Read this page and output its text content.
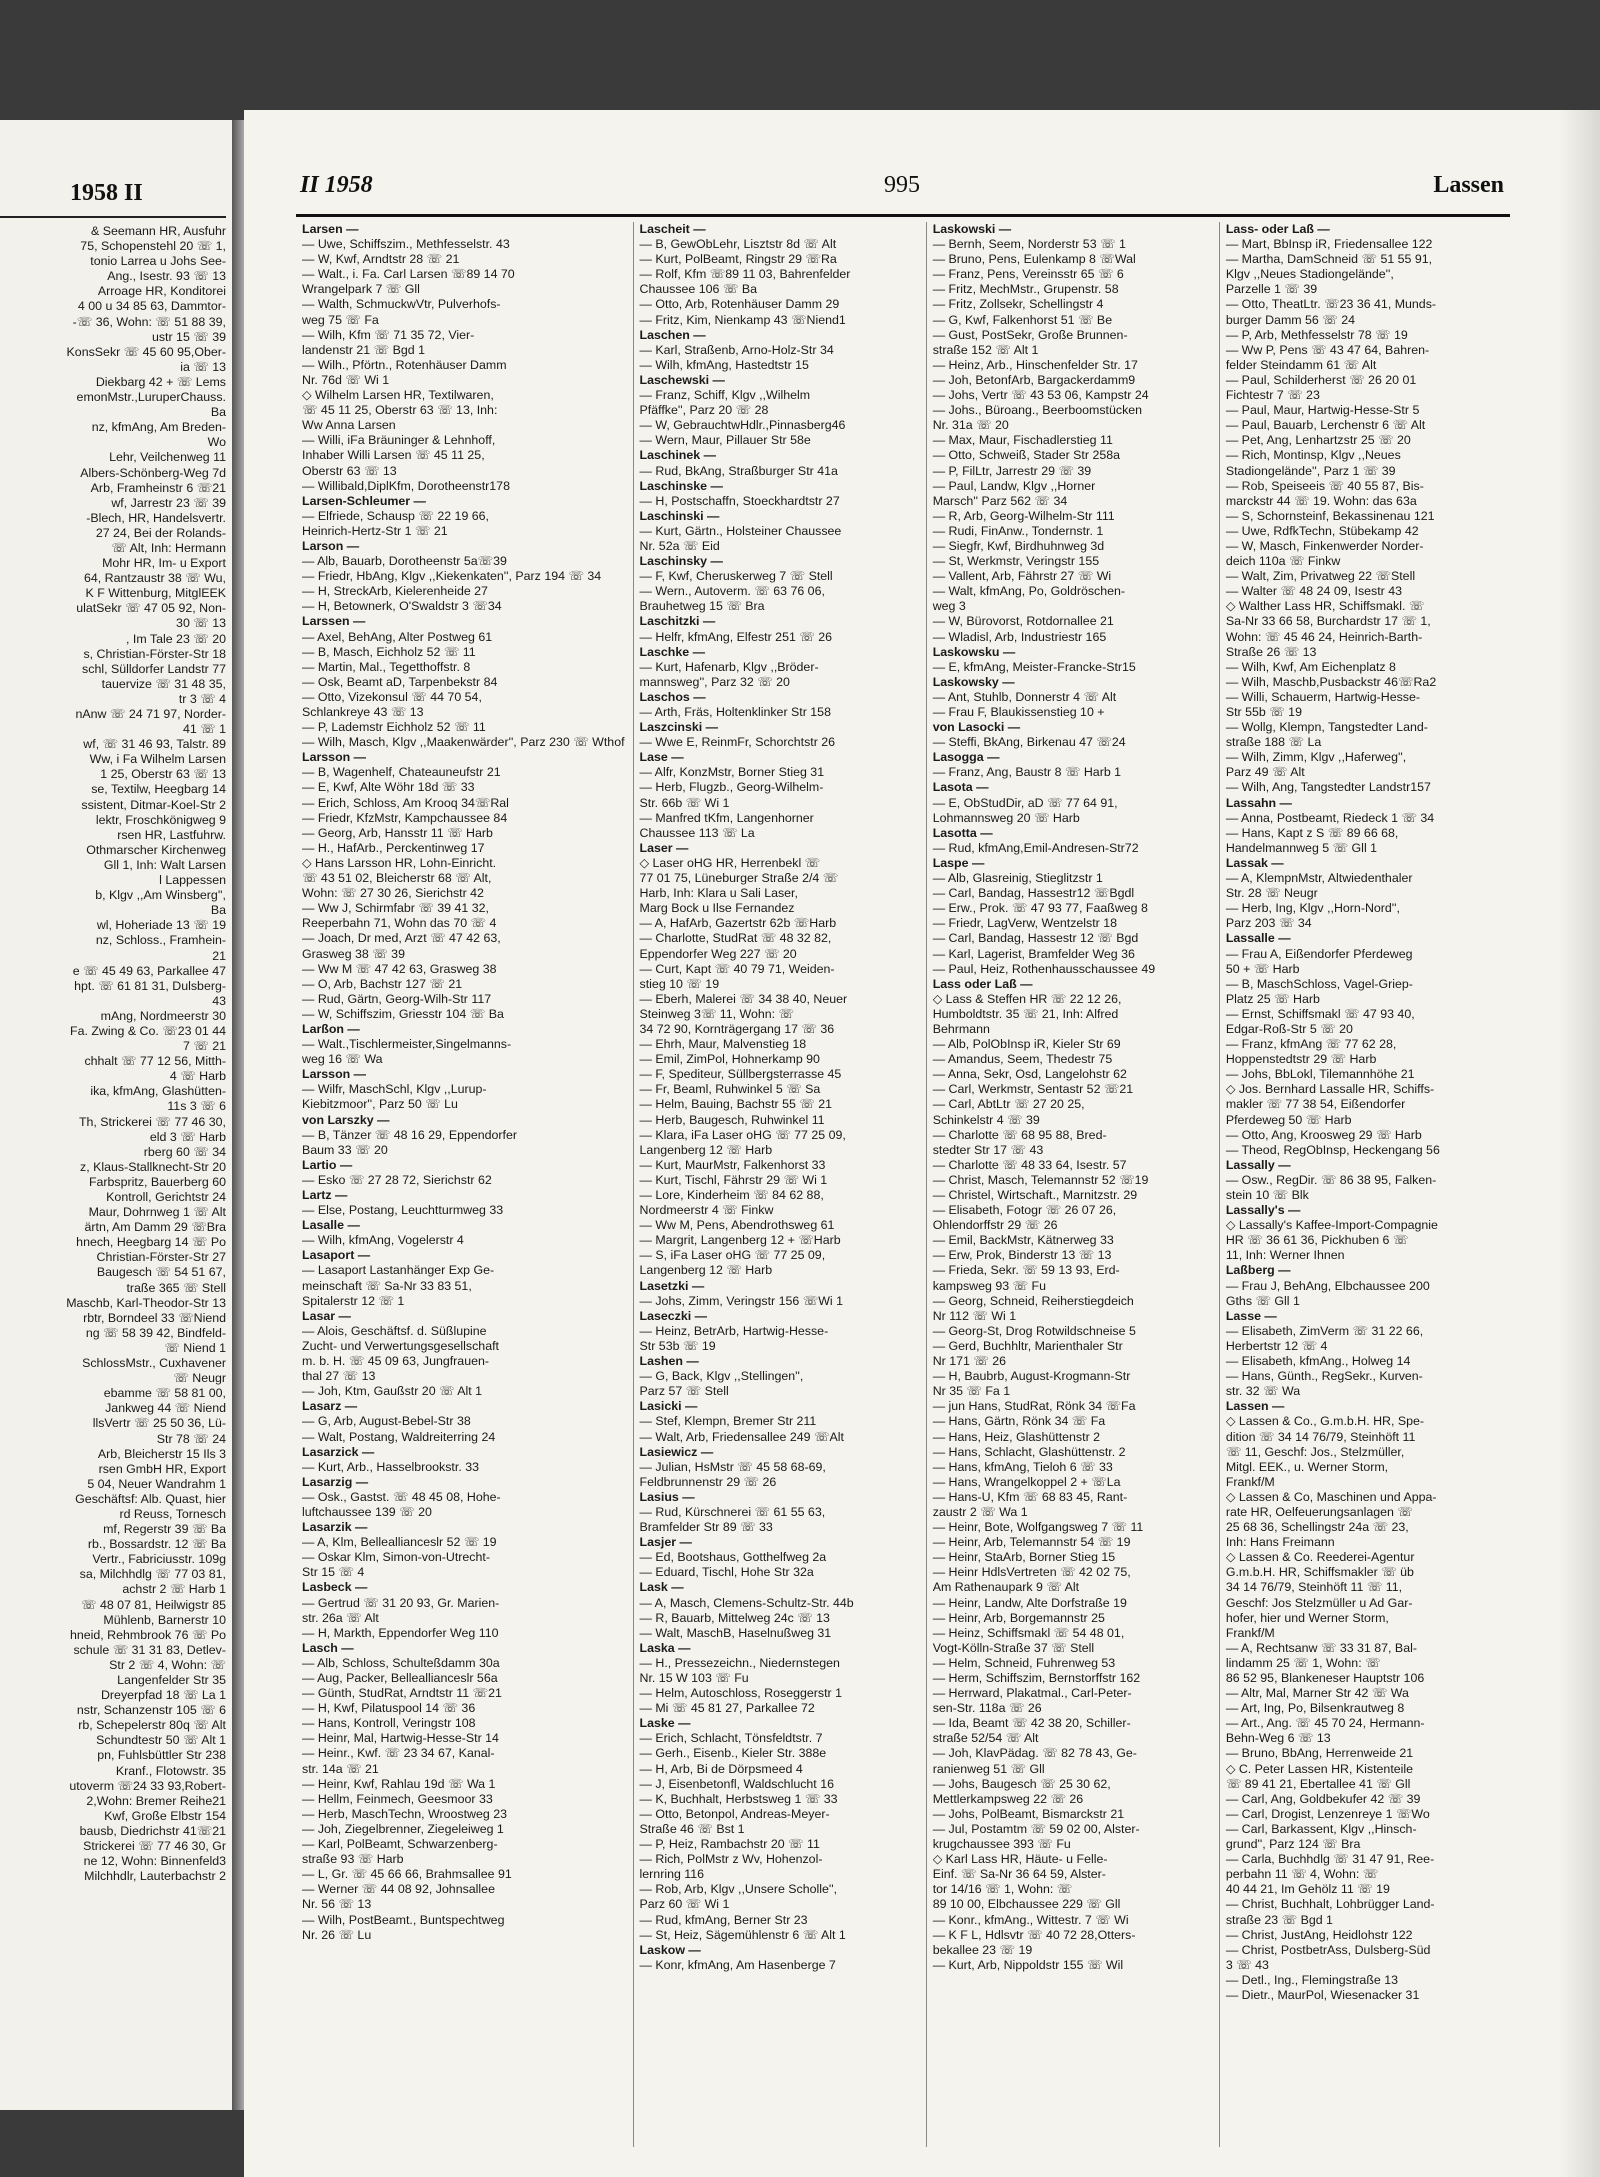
1958 II
& Seemann HR, Ausfuhr
75, Schopenstehl 20 ☏ 1,
tonio Larrea u Johs See-
Ang., Isestr. 93 ☏ 13
Arroage HR, Konditorei
4 00 u 34 85 63, Dammtor-
-☏ 36, Wohn: ☏ 51 88 39,
ustr 15 ☏ 39
KonsSekr ☏ 45 60 95,Ober-
ia ☏ 13
Diekbarg 42 + ☏ Lems
emonMstr.,LuruperChauss.
Ba
nz, kfmAng, Am Breden-
Wo
Lehr, Veilchenweg 11
Albers-Schönberg-Weg 7d
Arb, Framheinstr 6 ☏21
wf, Jarrestr 23 ☏ 39
-Blech, HR, Handelsvertr.
27 24, Bei der Rolands-
☏ Alt, Inh: Hermann
Mohr HR, Im- u Export
64, Rantzaustr 38 ☏ Wu,
K F Wittenburg, MitglEEK
ulatSekr ☏ 47 05 92, Non-
30 ☏ 13
, Im Tale 23 ☏ 20
s, Christian-Förster-Str 18
schl, Sülldorfer Landstr 77
tauervize ☏ 31 48 35,
tr 3 ☏ 4
nAnw ☏ 24 71 97, Norder-
41 ☏ 1
wf, ☏ 31 46 93, Talstr. 89
Ww, i Fa Wilhelm Larsen
1 25, Oberstr 63 ☏ 13
se, Textilw, Heegbarg 14
ssistent, Ditmar-Koel-Str 2
lektr, Froschkönigweg 9
rsen HR, Lastfuhrw.
Othmarscher Kirchenweg
Gll 1, Inh: Walt Larsen
l Lappessen
b, Klgv ,,Am Winsberg'',
Ba
wl, Hoheriade 13 ☏ 19
nz, Schloss., Framhein-
21
e ☏ 45 49 63, Parkallee 47
hpt. ☏ 61 81 31, Dulsberg-
43
mAng, Nordmeerstr 30
Fa. Zwing & Co. ☏23 01 44
7 ☏ 21
chhalt ☏ 77 12 56, Mitth-
4 ☏ Harb
ika, kfmAng, Glashütten-
11s 3 ☏ 6
Th, Strickerei ☏ 77 46 30,
eld 3 ☏ Harb
rberg 60 ☏ 34
z, Klaus-Stallknecht-Str 20
Farbspritz, Bauerberg 60
Kontroll, Gerichtstr 24
Maur, Dohrnweg 1 ☏ Alt
ärtn, Am Damm 29 ☏Bra
hnech, Heegbarg 14 ☏ Po
Christian-Förster-Str 27
Baugesch ☏ 54 51 67,
traße 365 ☏ Stell
Maschb, Karl-Theodor-Str 13
rbtr, Borndeel 33 ☏Niend
ng ☏ 58 39 42, Bindfeld-
☏ Niend 1
SchlossMstr., Cuxhavener
☏ Neugr
ebamme ☏ 58 81 00,
Jankweg 44 ☏ Niend
llsVertr ☏ 25 50 36, Lü-
Str 78 ☏ 24
Arb, Bleicherstr 15 Ils 3
rsen GmbH HR, Export
5 04, Neuer Wandrahm 1
Geschäftsf: Alb. Quast, hier
rd Reuss, Tornesch
mf, Regerstr 39 ☏ Ba
rb., Bossardstr. 12 ☏ Ba
Vertr., Fabriciusstr. 109g
sa, Milchhdlg ☏ 77 03 81,
achstr 2 ☏ Harb 1
☏ 48 07 81, Heilwigstr 85
Mühlenb, Barnerstr 10
hneid, Rehmbrook 76 ☏ Po
schule ☏ 31 31 83, Detlev-
Str 2 ☏ 4, Wohn: ☏
Langenfelder Str 35
Dreyerpfad 18 ☏ La 1
nstr, Schanzenstr 105 ☏ 6
rb, Schepelerstr 80q ☏ Alt
Schundtestr 50 ☏ Alt 1
pn, Fuhlsbüttler Str 238
Kranf., Flotowstr. 35
utoverm ☏24 33 93,Robert-
2,Wohn: Bremer Reihe21
Kwf, Große Elbstr 154
bausb, Diedrichstr 41☏21
Strickerei ☏ 77 46 30, Gr
ne 12, Wohn: Binnenfeld3
Milchhdlr, Lauterbachstr 2
II 1958	995	Lassen
Larsen —
— Uwe, Schiffszim., Methfesselstr. 43
— W, Kwf, Arndtstr 28 ☏ 21
— Walt., i. Fa. Carl Larsen ☏89 14 70
Wrangelpark 7 ☏ Gll
— Walth, SchmuckwVtr, Pulverhofs-
weg 75 ☏ Fa
— Wilh, Kfm ☏ 71 35 72, Vier-
landenstr 21 ☏ Bgd 1
— Wilh., Pförtn., Rotenhäuser Damm
Nr. 76d ☏ Wi 1
◇ Wilhelm Larsen HR, Textilwaren,
☏ 45 11 25, Oberstr 63 ☏ 13, Inh:
Ww Anna Larsen
— Willi, iFa Bräuninger & Lehnhoff,
Inhaber Willi Larsen ☏ 45 11 25,
Oberstr 63 ☏ 13
— Willibald,DiplKfm, Dorotheenstr178
Larsen-Schleumer —
— Elfriede, Schausp ☏ 22 19 66,
Heinrich-Hertz-Str 1 ☏ 21
Larson —
— Alb, Bauarb, Dorotheenstr 5a☏39
— Friedr, HbAng, Klgv ,,Kiekenkaten'', Parz 194 ☏ 34
— H, StreckArb, Kielerenheide 27
— H, Betownerk, O'Swaldstr 3 ☏34
Larssen —
— Axel, BehAng, Alter Postweg 61
— B, Masch, Eichholz 52 ☏ 11
— Martin, Mal., Tegetthoffstr. 8
— Osk, Beamt aD, Tarpenbekstr 84
— Otto, Vizekonsul ☏ 44 70 54,
Schlankreye 43 ☏ 13
— P, Lademstr Eichholz 52 ☏ 11
— Wilh, Masch, Klgv ,,Maakenwärder'', Parz 230 ☏ Wthof
Larsson —
— B, Wagenhelf, Chateauneufstr 21
— E, Kwf, Alte Wöhr 18d ☏ 33
— Erich, Schloss, Am Krooq 34☏Ral
— Friedr, KfzMstr, Kampchaussee 84
— Georg, Arb, Hansstr 11 ☏ Harb
— H., HafArb., Perckentinweg 17
◇ Hans Larsson HR, Lohn-Einricht.
☏ 43 51 02, Bleicherstr 68 ☏ Alt,
Wohn: ☏ 27 30 26, Sierichstr 42
— Ww J, Schirmfabr ☏ 39 41 32,
Reeperbahn 71, Wohn das 70 ☏ 4
— Joach, Dr med, Arzt ☏ 47 42 63,
Grasweg 38 ☏ 39
— Ww M ☏ 47 42 63, Grasweg 38
— O, Arb, Bachstr 127 ☏ 21
— Rud, Gärtn, Georg-Wilh-Str 117
— W, Schiffszim, Griesstr 104 ☏ Ba
Larßon —
— Walt.,Tischlermeister,Singelmanns-
weg 16 ☏ Wa
Larsson —
— Wilfr, MaschSchl, Klgv ,,Lurup-
Kiebitzmoor'', Parz 50 ☏ Lu
von Larszky —
— B, Tänzer ☏ 48 16 29, Eppendorfer
Baum 33 ☏ 20
Lartio —
— Esko ☏ 27 28 72, Sierichstr 62
Lartz —
— Else, Postang, Leuchtturmweg 33
Lasalle —
— Wilh, kfmAng, Vogelerstr 4
Lasaport —
— Lasaport Lastanhänger Exp Ge-
meinschaft ☏ Sa-Nr 33 83 51,
Spitalerstr 12 ☏ 1
Lasar —
— Alois, Geschäftsf. d. Süßlupine
Zucht- und Verwertungsgesellschaft
m. b. H. ☏ 45 09 63, Jungfrauen-
thal 27 ☏ 13
— Joh, Ktm, Gaußstr 20 ☏ Alt 1
Lasarz —
— G, Arb, August-Bebel-Str 38
— Walt, Postang, Waldreiterring 24
Lasarzick —
— Kurt, Arb., Hasselbrookstr. 33
Lasarzig —
— Osk., Gastst. ☏ 48 45 08, Hohe-
luftchaussee 139 ☏ 20
Lasarzik —
— A, Klm, Belleallianceslr 52 ☏ 19
— Oskar Klm, Simon-von-Utrecht-
Str 15 ☏ 4
Lasbeck —
— Gertrud ☏ 31 20 93, Gr. Marien-
str. 26a ☏ Alt
— H, Markth, Eppendorfer Weg 110
Lasch —
— Alb, Schloss, Schulteßdamm 30a
— Aug, Packer, Belleallianceslr 56a
— Günth, StudRat, Arndtstr 11 ☏21
— H, Kwf, Pilatuspool 14 ☏ 36
— Hans, Kontroll, Veringstr 108
— Heinr, Mal, Hartwig-Hesse-Str 14
— Heinr., Kwf. ☏ 23 34 67, Kanal-
str. 14a ☏ 21
— Heinr, Kwf, Rahlau 19d ☏ Wa 1
— Hellm, Feinmech, Geesmoor 33
— Herb, MaschTechn, Wroostweg 23
— Joh, Ziegelbrenner, Ziegeleiweg 1
— Karl, PolBeamt, Schwarzenberg-
straße 93 ☏ Harb
— L, Gr. ☏ 45 66 66, Brahmsallee 91
— Werner ☏ 44 08 92, Johnsallee
Nr. 56 ☏ 13
— Wilh, PostBeamt., Buntspechtweg
Nr. 26 ☏ Lu
Lascheit —
— B, GewObLehr, Lisztstr 8d ☏ Alt
— Kurt, PolBeamt, Ringstr 29 ☏Ra
— Rolf, Kfm ☏89 11 03, Bahrenfelder
Chaussee 106 ☏ Ba
— Otto, Arb, Rotenhäuser Damm 29
— Fritz, Kim, Nienkamp 43 ☏Niend1
Laschen —
— Karl, Straßenb, Arno-Holz-Str 34
— Wilh, kfmAng, Hastedtstr 15
Laschewski —
— Franz, Schiff, Klgv ,,Wilhelm
Pfäffke'', Parz 20 ☏ 28
— W, GebrauchtwHdlr.,Pinnasberg46
— Wern, Maur, Pillauer Str 58e
Laschinek —
— Rud, BkAng, Straßburger Str 41a
Laschinske —
— H, Postschaffn, Stoeckhardtstr 27
Laschinski —
— Kurt, Gärtn., Holsteiner Chaussee
Nr. 52a ☏ Eid
Laschinsky —
— F, Kwf, Cheruskerweg 7 ☏ Stell
— Wern., Autoverm. ☏ 63 76 06,
Brauhetweg 15 ☏ Bra
Laschitzki —
— Helfr, kfmAng, Elfestr 251 ☏ 26
Laschke —
— Kurt, Hafenarb, Klgv ,,Bröder-
mannsweg'', Parz 32 ☏ 20
Laschos —
— Arth, Fräs, Holtenklinker Str 158
Laszcinski —
— Wwe E, ReinmFr, Schorchtstr 26
Lase —
— Alfr, KonzMstr, Borner Stieg 31
— Herb, Flugzb., Georg-Wilhelm-
Str. 66b ☏ Wi 1
— Manfred tKfm, Langenhorner
Chaussee 113 ☏ La
Laser —
◇ Laser oHG HR, Herrenbekl ☏
77 01 75, Lüneburger Straße 2/4 ☏
Harb, Inh: Klara u Sali Laser,
Marg Bock u Ilse Fernandez
— A, HafArb, Gazertstr 62b ☏Harb
— Charlotte, StudRat ☏ 48 32 82,
Eppendorfer Weg 227 ☏ 20
— Curt, Kapt ☏ 40 79 71, Weiden-
stieg 10 ☏ 19
— Eberh, Malerei ☏ 34 38 40, Neuer
Steinweg 3☏ 11, Wohn: ☏
34 72 90, Kornträgergang 17 ☏ 36
— Ehrh, Maur, Malvenstieg 18
— Emil, ZimPol, Hohnerkamp 90
— F, Spediteur, Süllbergsterrasse 45
— Fr, Beaml, Ruhwinkel 5 ☏ Sa
— Helm, Bauing, Bachstr 55 ☏ 21
— Herb, Baugesch, Ruhwinkel 11
— Klara, iFa Laser oHG ☏ 77 25 09,
Langenberg 12 ☏ Harb
— Kurt, MaurMstr, Falkenhorst 33
— Kurt, Tischl, Fährstr 29 ☏ Wi 1
— Lore, Kinderheim ☏ 84 62 88,
Nordmeerstr 4 ☏ Finkw
— Ww M, Pens, Abendrothsweg 61
— Margrit, Langenberg 12 + ☏Harb
— S, iFa Laser oHG ☏ 77 25 09,
Langenberg 12 ☏ Harb
Lasetzki —
— Johs, Zimm, Veringstr 156 ☏Wi 1
Laseczki —
— Heinz, BetrArb, Hartwig-Hesse-
Str 53b ☏ 19
Lashen —
— G, Back, Klgv ,,Stellingen'',
Parz 57 ☏ Stell
Lasicki —
— Stef, Klempn, Bremer Str 211
— Walt, Arb, Friedensallee 249 ☏Alt
Lasiewicz —
— Julian, HsMstr ☏ 45 58 68-69,
Feldbrunnenstr 29 ☏ 26
Lasius —
— Rud, Kürschnerei ☏ 61 55 63,
Bramfelder Str 89 ☏ 33
Lasjer —
— Ed, Bootshaus, Gotthelfweg 2a
— Eduard, Tischl, Hohe Str 32a
Lask —
— A, Masch, Clemens-Schultz-Str. 44b
— R, Bauarb, Mittelweg 24c ☏ 13
— Walt, MaschB, Haselnußweg 31
Laska —
— H., Pressezeichn., Niedernstegen
Nr. 15 W 103 ☏ Fu
— Helm, Autoschloss, Roseggerstr 1
— Mi ☏ 45 81 27, Parkallee 72
Laske —
— Erich, Schlacht, Tönsfeldtstr. 7
— Gerh., Eisenb., Kieler Str. 388e
— H, Arb, Bi de Dörpsmeed 4
— J, Eisenbetonfl, Waldschlucht 16
— K, Buchhalt, Herbstsweg 1 ☏ 33
— Otto, Betonpol, Andreas-Meyer-
Straße 46 ☏ Bst 1
— P, Heiz, Rambachstr 20 ☏ 11
— Rich, PolMstr z Wv, Hohenzol-
lernring 116
— Rob, Arb, Klgv ,,Unsere Scholle'',
Parz 60 ☏ Wi 1
— Rud, kfmAng, Berner Str 23
— St, Heiz, Sägemühlenstr 6 ☏ Alt 1
Laskow —
— Konr, kfmAng, Am Hasenberge 7
Laskowski —
— Bernh, Seem, Norderstr 53 ☏ 1
— Bruno, Pens, Eulenkamp 8 ☏Wal
— Franz, Pens, Vereinsstr 65 ☏ 6
— Fritz, MechMstr., Grupenstr. 58
— Fritz, Zollsekr, Schellingstr 4
— G, Kwf, Falkenhorst 51 ☏ Be
— Gust, PostSekr, Große Brunnen-
straße 152 ☏ Alt 1
— Heinz, Arb., Hinschenfelder Str. 17
— Joh, BetonfArb, Bargackerdamm9
— Johs, Vertr ☏ 43 53 06, Kampstr 24
— Johs., Büroang., Beerboomstücken
Nr. 31a ☏ 20
— Max, Maur, Fischadlerstieg 11
— Otto, Schweiß, Stader Str 258a
— P, FilLtr, Jarrestr 29 ☏ 39
— Paul, Landw, Klgv ,,Horner
Marsch'' Parz 562 ☏ 34
— R, Arb, Georg-Wilhelm-Str 111
— Rudi, FinAnw., Tondernstr. 1
— Siegfr, Kwf, Birdhuhnweg 3d
— St, Werkmstr, Veringstr 155
— Vallent, Arb, Fährstr 27 ☏ Wi
— Walt, kfmAng, Po, Goldröschen-
weg 3
— W, Bürovorst, Rotdornallee 21
— Wladisl, Arb, Industriestr 165
Laskowsku —
— E, kfmAng, Meister-Francke-Str15
Laskowsky —
— Ant, Stuhlb, Donnerstr 4 ☏ Alt
— Frau F, Blaukissenstieg 10 +
von Lasocki —
— Steffi, BkAng, Birkenau 47 ☏24
Lasogga —
— Franz, Ang, Baustr 8 ☏ Harb 1
Lasota —
— E, ObStudDir, aD ☏ 77 64 91,
Lohmannsweg 20 ☏ Harb
Lasotta —
— Rud, kfmAng,Emil-Andresen-Str72
Laspe —
— Alb, Glasreinig, Stieglitzstr 1
— Carl, Bandag, Hassestr12 ☏Bgdl
— Erw., Prok. ☏ 47 93 77, Faaßweg 8
— Friedr, LagVerw, Wentzelstr 18
— Carl, Bandag, Hassestr 12 ☏ Bgd
— Karl, Lagerist, Bramfelder Weg 36
— Paul, Heiz, Rothenhausschaussee 49
Lass oder Laß —
◇ Lass & Steffen HR ☏ 22 12 26,
Humboldtstr. 35 ☏ 21, Inh: Alfred
Behrmann
— Alb, PolObInsp iR, Kieler Str 69
— Amandus, Seem, Thedestr 75
— Anna, Sekr, Osd, Langelohstr 62
— Carl, Werkmstr, Sentastr 52 ☏21
— Carl, AbtLtr ☏ 27 20 25,
Schinkelstr 4 ☏ 39
— Charlotte ☏ 68 95 88, Bred-
stedter Str 17 ☏ 43
— Charlotte ☏ 48 33 64, Isestr. 57
— Christ, Masch, Telemannstr 52 ☏19
— Christel, Wirtschaft., Marnitzstr. 29
— Elisabeth, Fotogr ☏ 26 07 26,
Ohlendorffstr 29 ☏ 26
— Emil, BackMstr, Kätnerweg 33
— Erw, Prok, Binderstr 13 ☏ 13
— Frieda, Sekr. ☏ 59 13 93, Erd-
kampsweg 93 ☏ Fu
— Georg, Schneid, Reiherstiegdeich
Nr 112 ☏ Wi 1
— Georg-St, Drog Rotwildschneise 5
— Gerd, Buchhltr, Marienthaler Str
Nr 171 ☏ 26
— H, Baubrb, August-Krogmann-Str
Nr 35 ☏ Fa 1
— jun Hans, StudRat, Rönk 34 ☏Fa
— Hans, Gärtn, Rönk 34 ☏ Fa
— Hans, Heiz, Glashüttenstr 2
— Hans, Schlacht, Glashüttenstr. 2
— Hans, kfmAng, Tieloh 6 ☏ 33
— Hans, Wrangelkoppel 2 + ☏La
— Hans-U, Kfm ☏ 68 83 45, Rant-
zaustr 2 ☏ Wa 1
— Heinr, Bote, Wolfgangsweg 7 ☏ 11
— Heinr, Arb, Telemannstr 54 ☏ 19
— Heinr, StaArb, Borner Stieg 15
— Heinr HdlsVertreten ☏ 42 02 75,
Am Rathenaupark 9 ☏ Alt
— Heinr, Landw, Alte Dorfstraße 19
— Heinr, Arb, Borgemannstr 25
— Heinz, Schiffsmakl ☏ 54 48 01,
Vogt-Kölln-Straße 37 ☏ Stell
— Helm, Schneid, Fuhrenweg 53
— Herm, Schiffszim, Bernstorffstr 162
— Herrward, Plakatmal., Carl-Peter-
sen-Str. 118a ☏ 26
— Ida, Beamt ☏ 42 38 20, Schiller-
straße 52/54 ☏ Alt
— Joh, KlavPädag. ☏ 82 78 43, Ge-
ranienweg 51 ☏ Gll
— Johs, Baugesch ☏ 25 30 62,
Mettlerkampsweg 22 ☏ 26
— Johs, PolBeamt, Bismarckstr 21
— Jul, Postamtm ☏ 59 02 00, Alster-
krugchaussee 393 ☏ Fu
◇ Karl Lass HR, Häute- u Felle-
Einf. ☏ Sa-Nr 36 64 59, Alster-
tor 14/16 ☏ 1, Wohn: ☏
89 10 00, Elbchaussee 229 ☏ Gll
— Konr., kfmAng., Wittestr. 7 ☏ Wi
— K F L, Hdlsvtr ☏ 40 72 28,Otters-
bekallee 23 ☏ 19
— Kurt, Arb, Nippoldstr 155 ☏ Wil
Lass- oder Laß —
— Mart, BbInsp iR, Friedensallee 122
— Martha, DamSchneid ☏ 51 55 91,
Klgv ,,Neues Stadiongelände'',
Parzelle 1 ☏ 39
— Otto, TheatLtr. ☏23 36 41, Munds-
burger Damm 56 ☏ 24
— P, Arb, Methfesselstr 78 ☏ 19
— Ww P, Pens ☏ 43 47 64, Bahren-
felder Steindamm 61 ☏ Alt
— Paul, Schilderherst ☏ 26 20 01
Fichtestr 7 ☏ 23
— Paul, Maur, Hartwig-Hesse-Str 5
— Paul, Bauarb, Lerchenstr 6 ☏ Alt
— Pet, Ang, Lenhartzstr 25 ☏ 20
— Rich, Montinsp, Klgv ,,Neues
Stadiongelände'', Parz 1 ☏ 39
— Rob, Speiseeis ☏ 40 55 87, Bis-
marckstr 44 ☏ 19. Wohn: das 63a
— S, Schornsteinf, Bekassinenau 121
— Uwe, RdfkTechn, Stübekamp 42
— W, Masch, Finkenwerder Norder-
deich 110a ☏ Finkw
— Walt, Zim, Privatweg 22 ☏Stell
— Walter ☏ 48 24 09, Isestr 43
◇ Walther Lass HR, Schiffsmakl. ☏
Sa-Nr 33 66 58, Burchardstr 17 ☏ 1,
Wohn: ☏ 45 46 24, Heinrich-Barth-
Straße 26 ☏ 13
— Wilh, Kwf, Am Eichenplatz 8
— Wilh, Maschb,Pusbackstr 46☏Ra2
— Willi, Schauerm, Hartwig-Hesse-
Str 55b ☏ 19
— Wollg, Klempn, Tangstedter Land-
straße 188 ☏ La
— Wilh, Zimm, Klgv ,,Haferweg'',
Parz 49 ☏ Alt
— Wilh, Ang, Tangstedter Landstr157
Lassahn —
— Anna, Postbeamt, Riedeck 1 ☏ 34
— Hans, Kapt z S ☏ 89 66 68,
Handelmannweg 5 ☏ Gll 1
Lassak —
— A, KlempnMstr, Altwiedenthaler
Str. 28 ☏ Neugr
— Herb, Ing, Klgv ,,Horn-Nord'',
Parz 203 ☏ 34
Lassalle —
— Frau A, Eißendorfer Pferdeweg
50 + ☏ Harb
— B, MaschSchloss, Vagel-Griep-
Platz 25 ☏ Harb
— Ernst, Schiffsmakl ☏ 47 93 40,
Edgar-Roß-Str 5 ☏ 20
— Franz, kfmAng ☏ 77 62 28,
Hoppenstedtstr 29 ☏ Harb
— Johs, BbLokl, Tilemannhöhe 21
◇ Jos. Bernhard Lassalle HR, Schiffs-
makler ☏ 77 38 54, Eißendorfer
Pferdeweg 50 ☏ Harb
— Otto, Ang, Kroosweg 29 ☏ Harb
— Theod, RegObInsp, Heckengang 56
Lassally —
— Osw., RegDir. ☏ 86 38 95, Falken-
stein 10 ☏ Blk
Lassally's —
◇ Lassally's Kaffee-Import-Compagnie
HR ☏ 36 61 36, Pickhuben 6 ☏
11, Inh: Werner Ihnen
Laßberg —
— Frau J, BehAng, Elbchaussee 200
Gths ☏ Gll 1
Lasse —
— Elisabeth, ZimVerm ☏ 31 22 66,
Herbertstr 12 ☏ 4
— Elisabeth, kfmAng., Holweg 14
— Hans, Günth., RegSekr., Kurven-
str. 32 ☏ Wa
Lassen —
◇ Lassen & Co., G.m.b.H. HR, Spe-
dition ☏ 34 14 76/79, Steinhöft 11
☏ 11, Geschf: Jos., Stelzmüller,
Mitgl. EEK., u. Werner Storm,
Frankf/M
◇ Lassen & Co, Maschinen und Appa-
rate HR, Oelfeuerungsanlagen ☏
25 68 36, Schellingstr 24a ☏ 23,
Inh: Hans Freimann
◇ Lassen & Co. Reederei-Agentur
G.m.b.H. HR, Schiffsmakler ☏ üb
34 14 76/79, Steinhöft 11 ☏ 11,
Geschf: Jos Stelzmüller u Ad Gar-
hofer, hier und Werner Storm,
Frankf/M
— A, Rechtsanw ☏ 33 31 87, Bal-
lindamm 25 ☏ 1, Wohn: ☏
86 52 95, Blankeneser Hauptstr 106
— Altr, Mal, Marner Str 42 ☏ Wa
— Art, Ing, Po, Bilsenkrautweg 8
— Art., Ang. ☏ 45 70 24, Hermann-
Behn-Weg 6 ☏ 13
— Bruno, BbAng, Herrenweide 21
◇ C. Peter Lassen HR, Kistenteile
☏ 89 41 21, Ebertallee 41 ☏ Gll
— Carl, Ang, Goldbekufer 42 ☏ 39
— Carl, Drogist, Lenzenreye 1 ☏Wo
— Carl, Barkassent, Klgv ,,Hinsch-
grund'', Parz 124 ☏ Bra
— Carla, Buchhdlg ☏ 31 47 91, Ree-
perbahn 11 ☏ 4, Wohn: ☏
40 44 21, Im Gehölz 11 ☏ 19
— Christ, Buchhalt, Lohbrügger Land-
straße 23 ☏ Bgd 1
— Christ, JustAng, Heidlohstr 122
— Christ, PostbetrAss, Dulsberg-Süd
3 ☏ 43
— Detl., Ing., Flemingstraße 13
— Dietr., MaurPol, Wiesenacker 31
